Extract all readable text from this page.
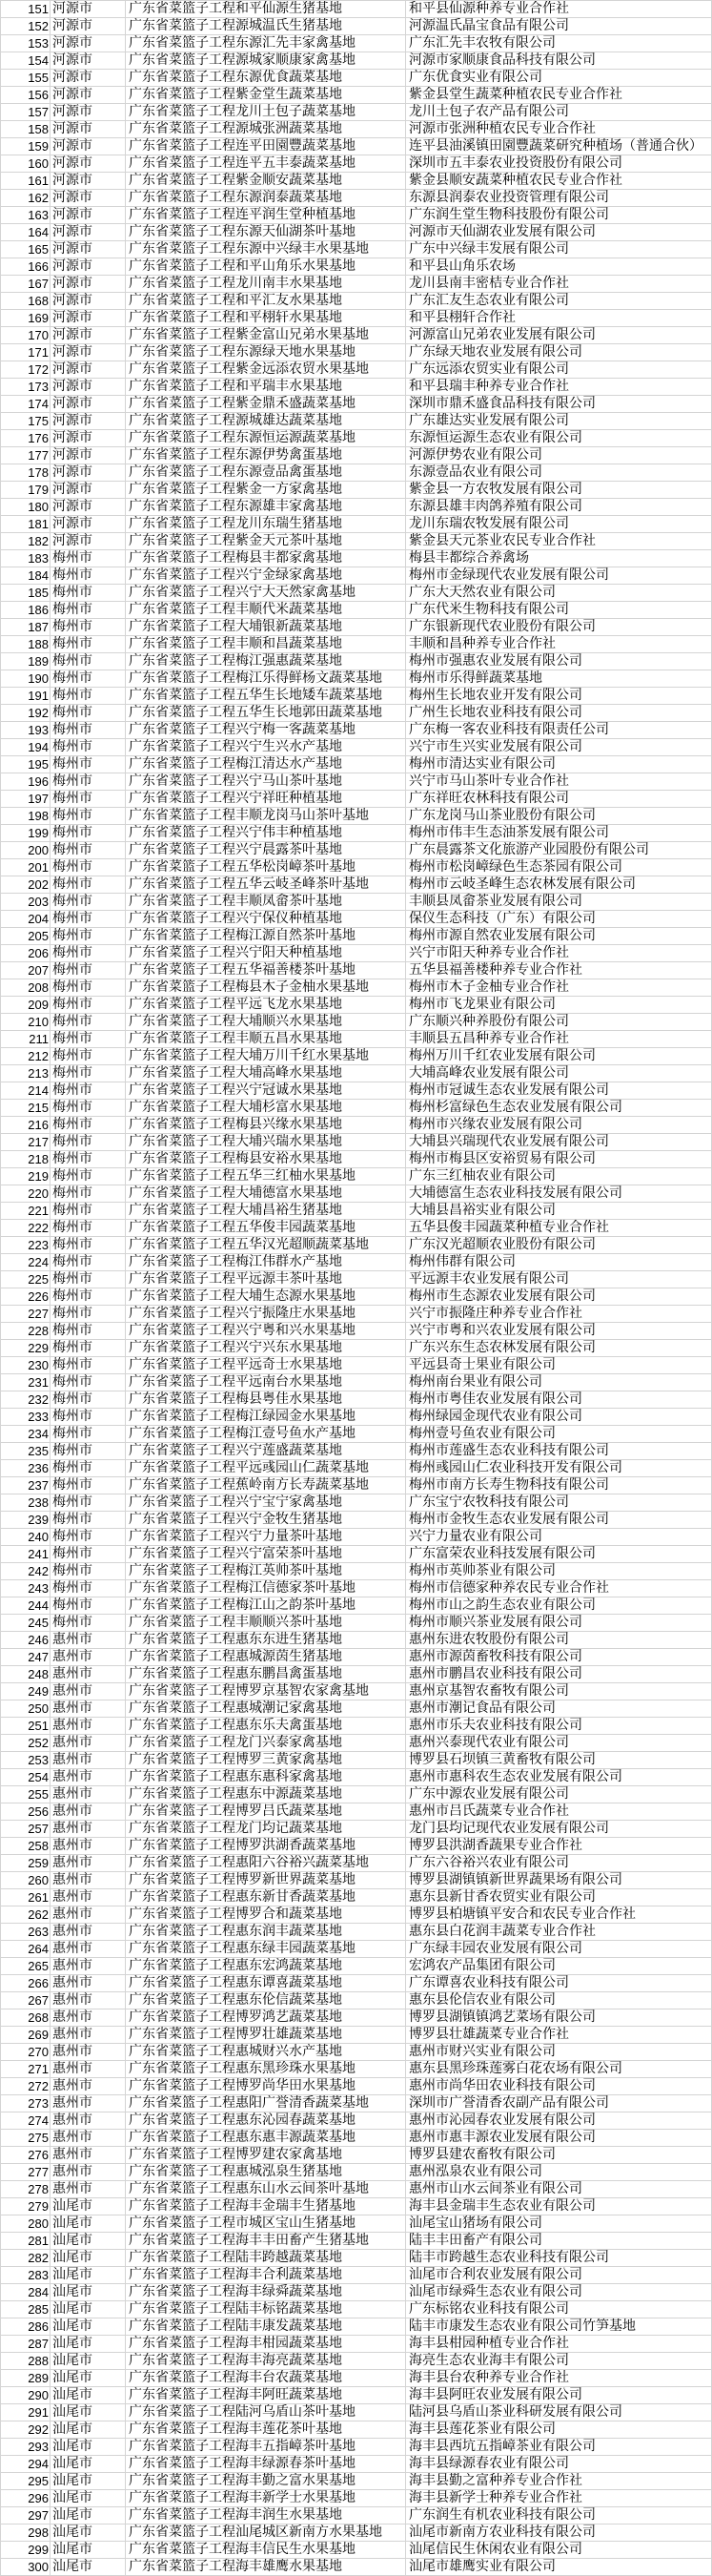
151	河源市	广东省菜篮子工程和平仙源生猪基地	和平县仙源种养专业合作社
152	河源市	广东省菜篮子工程源城温氏生猪基地	河源温氏晶宝食品有限公司
153	河源市	广东省菜篮子工程东源汇先丰家禽基地	广东汇先丰农牧有限公司
154	河源市	广东省菜篮子工程源城家顺康家禽基地	河源市家顺康食品科技有限公司
155	河源市	广东省菜篮子工程东源优食蔬菜基地	广东优食实业有限公司
156	河源市	广东省菜篮子工程紫金堂生蔬菜基地	紫金县堂生蔬菜种植农民专业合作社
157	河源市	广东省菜篮子工程龙川土包子蔬菜基地	龙川土包子农产品有限公司
158	河源市	广东省菜篮子工程源城张洲蔬菜基地	河源市张洲种植农民专业合作社
159	河源市	广东省菜篮子工程连平田園豐蔬菜基地	连平县油溪镇田園豐蔬菜研究种植场（普通合伙）
160	河源市	广东省菜篮子工程连平五丰泰蔬菜基地	深圳市五丰泰农业投资股份有限公司
161	河源市	广东省菜篮子工程紫金顺安蔬菜基地	紫金县顺安蔬菜种植农民专业合作社
162	河源市	广东省菜篮子工程东源润泰蔬菜基地	东源县润泰农业投资管理有限公司
163	河源市	广东省菜篮子工程连平润生堂种植基地	广东润生堂生物科技股份有限公司
164	河源市	广东省菜篮子工程东源天仙湖茶叶基地	河源市天仙湖农业发展有限公司
165	河源市	广东省菜篮子工程东源中兴绿丰水果基地	广东中兴绿丰发展有限公司
166	河源市	广东省菜篮子工程和平山角乐水果基地	和平县山角乐农场
167	河源市	广东省菜篮子工程龙川南丰水果基地	龙川县南丰密桔专业合作社
168	河源市	广东省菜篮子工程和平汇友水果基地	广东汇友生态农业有限公司
169	河源市	广东省菜篮子工程和平栩轩水果基地	和平县栩轩合作社
170	河源市	广东省菜篮子工程紫金富山兄弟水果基地	河源富山兄弟农业发展有限公司
171	河源市	广东省菜篮子工程东源绿天地水果基地	广东绿天地农业发展有限公司
172	河源市	广东省菜篮子工程紫金远添农贸水果基地	广东远添农贸实业有限公司
173	河源市	广东省菜篮子工程和平瑞丰水果基地	和平县瑞丰种养专业合作社
174	河源市	广东省菜篮子工程紫金鼎禾盛蔬菜基地	深圳市鼎禾盛食品科技有限公司
175	河源市	广东省菜篮子工程源城雄达蔬菜基地	广东雄达实业发展有限公司
176	河源市	广东省菜篮子工程东源恒运源蔬菜基地	东源恒运源生态农业有限公司
177	河源市	广东省菜篮子工程东源伊势禽蛋基地	河源伊势农业有限公司
178	河源市	广东省菜篮子工程东源壹品禽蛋基地	东源壹品农业有限公司
179	河源市	广东省菜篮子工程紫金一方家禽基地	紫金县一方农牧发展有限公司
180	河源市	广东省菜篮子工程东源雄丰家禽基地	东源县雄丰肉鸽养殖有限公司
181	河源市	广东省菜篮子工程龙川东瑞生猪基地	龙川东瑞农牧发展有限公司
182	河源市	广东省菜篮子工程紫金天元茶叶基地	紫金县天元茶业农民专业合作社
183	梅州市	广东省菜篮子工程梅县丰都家禽基地	梅县丰都综合养禽场
184	梅州市	广东省菜篮子工程兴宁金绿家禽基地	梅州市金绿现代农业发展有限公司
185	梅州市	广东省菜篮子工程兴宁大天然家禽基地	广东大天然农业有限公司
186	梅州市	广东省菜篮子工程丰顺代米蔬菜基地	广东代米生物科技有限公司
187	梅州市	广东省菜篮子工程大埔银新蔬菜基地	广东银新现代农业股份有限公司
188	梅州市	广东省菜篮子工程丰顺和昌蔬菜基地	丰顺和昌种养专业合作社
189	梅州市	广东省菜篮子工程梅江强惠蔬菜基地	梅州市强惠农业发展有限公司
190	梅州市	广东省菜篮子工程梅江乐得鲜杨文蔬菜基地	梅州市乐得鲜蔬菜基地
191	梅州市	广东省菜篮子工程五华生长地矮车蔬菜基地	梅州生长地农业开发有限公司
192	梅州市	广东省菜篮子工程五华生长地郭田蔬菜基地	广州生长地农业科技有限公司
193	梅州市	广东省菜篮子工程兴宁梅一客蔬菜基地	广东梅一客农业科技有限责任公司
194	梅州市	广东省菜篮子工程兴宁生兴水产基地	兴宁市生兴实业发展有限公司
195	梅州市	广东省菜篮子工程梅江清达水产基地	梅州市清达实业有限公司
196	梅州市	广东省菜篮子工程兴宁马山茶叶基地	兴宁市马山茶叶专业合作社
197	梅州市	广东省菜篮子工程兴宁祥旺种植基地	广东祥旺农林科技有限公司
198	梅州市	广东省菜篮子工程丰顺龙岗马山茶叶基地	广东龙岗马山茶业股份有限公司
199	梅州市	广东省菜篮子工程兴宁伟丰种植基地	梅州市伟丰生态油茶发展有限公司
200	梅州市	广东省菜篮子工程兴宁晨露茶叶基地	广东晨露茶文化旅游产业园股份有限公司
201	梅州市	广东省菜篮子工程五华松岗嶂茶叶基地	梅州市松岗嶂绿色生态茶园有限公司
202	梅州市	广东省菜篮子工程五华云岐圣峰茶叶基地	梅州市云岐圣峰生态农林发展有限公司
203	梅州市	广东省菜篮子工程丰顺凤畲茶叶基地	丰顺县凤畲茶业发展有限公司
204	梅州市	广东省菜篮子工程兴宁保仪种植基地	保仪生态科技（广东）有限公司
205	梅州市	广东省菜篮子工程梅江源自然茶叶基地	梅州市源自然农业发展有限公司
206	梅州市	广东省菜篮子工程兴宁阳天种植基地	兴宁市阳天种养专业合作社
207	梅州市	广东省菜篮子工程五华福善楼茶叶基地	五华县福善楼种养专业合作社
208	梅州市	广东省菜篮子工程梅县木子金柚水果基地	梅州市木子金柚专业合作社
209	梅州市	广东省菜篮子工程平远飞龙水果基地	梅州市飞龙果业有限公司
210	梅州市	广东省菜篮子工程大埔顺兴水果基地	广东顺兴种养股份有限公司
211	梅州市	广东省菜篮子工程丰顺五昌水果基地	丰顺县五昌种养专业合作社
212	梅州市	广东省菜篮子工程大埔万川千红水果基地	梅州万川千红农业发展有限公司
213	梅州市	广东省菜篮子工程大埔高峰水果基地	大埔高峰农业发展有限公司
214	梅州市	广东省菜篮子工程兴宁冠诚水果基地	梅州市冠诚生态农业发展有限公司
215	梅州市	广东省菜篮子工程大埔杉富水果基地	梅州杉富绿色生态农业发展有限公司
216	梅州市	广东省菜篮子工程梅县兴缘水果基地	梅州市兴缘农业发展有限公司
217	梅州市	广东省菜篮子工程大埔兴瑞水果基地	大埔县兴瑞现代农业发展有限公司
218	梅州市	广东省菜篮子工程梅县安裕水果基地	梅州市梅县区安裕贸易有限公司
219	梅州市	广东省菜篮子工程五华三红柚水果基地	广东三红柚农业有限公司
220	梅州市	广东省菜篮子工程大埔德富水果基地	大埔德富生态农业科技发展有限公司
221	梅州市	广东省菜篮子工程大埔昌裕生猪基地	大埔县昌裕实业有限公司
222	梅州市	广东省菜篮子工程五华俊丰园蔬菜基地	五华县俊丰园蔬菜种植专业合作社
223	梅州市	广东省菜篮子工程五华汉光超顺蔬菜基地	广东汉光超顺农业股份有限公司
224	梅州市	广东省菜篮子工程梅江伟群水产基地	梅州伟群有限公司
225	梅州市	广东省菜篮子工程平远源丰茶叶基地	平远源丰农业发展有限公司
226	梅州市	广东省菜篮子工程大埔生态源水果基地	梅州市生态源农业发展有限公司
227	梅州市	广东省菜篮子工程兴宁振隆庄水果基地	兴宁市振隆庄种养专业合作社
228	梅州市	广东省菜篮子工程兴宁粤和兴水果基地	兴宁市粤和兴农业发展有限公司
229	梅州市	广东省菜篮子工程兴宁兴东水果基地	广东兴东生态农林发展有限公司
230	梅州市	广东省菜篮子工程平远奇士水果基地	平远县奇士果业有限公司
231	梅州市	广东省菜篮子工程平远南台水果基地	梅州南台果业有限公司
232	梅州市	广东省菜篮子工程梅县粤佳水果基地	梅州市粤佳农业发展有限公司
233	梅州市	广东省菜篮子工程梅江绿园金水果基地	梅州绿园金现代农业有限公司
234	梅州市	广东省菜篮子工程梅江壹号鱼水产基地	梅州壹号鱼农业有限公司
235	梅州市	广东省菜篮子工程兴宁莲盛蔬菜基地	梅州市莲盛生态农业科技有限公司
236	梅州市	广东省菜篮子工程平远彧园山仁蔬菜基地	梅州彧园山仁农业科技开发有限公司
237	梅州市	广东省菜篮子工程蕉岭南方长寿蔬菜基地	梅州市南方长寿生物科技有限公司
238	梅州市	广东省菜篮子工程兴宁宝宁家禽基地	广东宝宁农牧科技有限公司
239	梅州市	广东省菜篮子工程兴宁金牧生猪基地	梅州市金牧生态农业发展有限公司
240	梅州市	广东省菜篮子工程兴宁力量茶叶基地	兴宁力量农业有限公司
241	梅州市	广东省菜篮子工程兴宁富荣茶叶基地	广东富荣农业科技发展有限公司
242	梅州市	广东省菜篮子工程梅江英帅茶叶基地	梅州市英帅茶业有限公司
243	梅州市	广东省菜篮子工程梅江信德家茶叶基地	梅州市信德家种养农民专业合作社
244	梅州市	广东省菜篮子工程梅江山之韵茶叶基地	梅州市山之韵生态农业有限公司
245	梅州市	广东省菜篮子工程丰顺顺兴茶叶基地	梅州市顺兴茶业发展有限公司
246	惠州市	广东省菜篮子工程惠东东进生猪基地	惠州东进农牧股份有限公司
247	惠州市	广东省菜篮子工程惠城源茵生猪基地	惠州市源茵畜牧科技有限公司
248	惠州市	广东省菜篮子工程惠东鹏昌禽蛋基地	惠州市鹏昌农业科技有限公司
249	惠州市	广东省菜篮子工程博罗京基智农家禽基地	惠州京基智农畜牧有限公司
250	惠州市	广东省菜篮子工程惠城潮记家禽基地	惠州市潮记食品有限公司
251	惠州市	广东省菜篮子工程惠东乐夫禽蛋基地	惠州市乐夫农业科技有限公司
252	惠州市	广东省菜篮子工程龙门兴泰家禽基地	惠州兴泰现代农业有限公司
253	惠州市	广东省菜篮子工程博罗三黄家禽基地	博罗县石坝镇三黄畜牧有限公司
254	惠州市	广东省菜篮子工程惠东惠科家禽基地	惠州市惠科农生态农业发展有限公司
255	惠州市	广东省菜篮子工程惠东中源蔬菜基地	广东中源农业发展有限公司
256	惠州市	广东省菜篮子工程博罗吕氏蔬菜基地	惠州市吕氏蔬菜专业合作社
257	惠州市	广东省菜篮子工程龙门均记蔬菜基地	龙门县均记现代农业发展有限公司
258	惠州市	广东省菜篮子工程博罗洪湖香蔬菜基地	博罗县洪湖香蔬果专业合作社
259	惠州市	广东省菜篮子工程惠阳六谷裕兴蔬菜基地	广东六谷裕兴农业有限公司
260	惠州市	广东省菜篮子工程博罗新世界蔬菜基地	博罗县湖镇镇新世界蔬果场有限公司
261	惠州市	广东省菜篮子工程惠东新甘香蔬菜基地	惠东县新甘香农贸实业有限公司
262	惠州市	广东省菜篮子工程博罗合和蔬菜基地	博罗县柏塘镇平安合和农民专业合作社
263	惠州市	广东省菜篮子工程惠东润丰蔬菜基地	惠东县白花润丰蔬菜专业合作社
264	惠州市	广东省菜篮子工程惠东绿丰园蔬菜基地	广东绿丰园农业发展有限公司
265	惠州市	广东省菜篮子工程惠东宏鸿蔬菜基地	宏鸿农产品集团有限公司
266	惠州市	广东省菜篮子工程惠东谭喜蔬菜基地	广东谭喜农业科技有限公司
267	惠州市	广东省菜篮子工程惠东伦信蔬菜基地	惠东县伦信农业有限公司
268	惠州市	广东省菜篮子工程博罗鸿艺蔬菜基地	博罗县湖镇镇鸿艺菜场有限公司
269	惠州市	广东省菜篮子工程博罗壮雄蔬菜基地	博罗县壮雄蔬菜专业合作社
270	惠州市	广东省菜篮子工程惠城财兴水产基地	惠州市财兴实业有限公司
271	惠州市	广东省菜篮子工程惠东黑珍珠水果基地	惠东县黑珍珠莲雾白花农场有限公司
272	惠州市	广东省菜篮子工程博罗尚华田水果基地	惠州市尚华田农业科技有限公司
273	惠州市	广东省菜篮子工程惠阳广誉清香蔬菜基地	深圳市广誉清香农副产品有限公司
274	惠州市	广东省菜篮子工程惠东沁园春蔬菜基地	惠州市沁园春农业发展有限公司
275	惠州市	广东省菜篮子工程惠东惠丰源蔬菜基地	惠州市惠丰源农业发展有限公司
276	惠州市	广东省菜篮子工程博罗建农家禽基地	博罗县建农畜牧有限公司
277	惠州市	广东省菜篮子工程惠城泓泉生猪基地	惠州泓泉农业有限公司
278	惠州市	广东省菜篮子工程惠东山水云间茶叶基地	惠州市山水云间茶业有限公司
279	汕尾市	广东省菜篮子工程海丰金瑞丰生猪基地	海丰县金瑞丰生态农业有限公司
280	汕尾市	广东省菜篮子工程市城区宝山生猪基地	汕尾宝山猪场有限公司
281	汕尾市	广东省菜篮子工程海丰丰田畜产生猪基地	陆丰丰田畜产有限公司
282	汕尾市	广东省菜篮子工程陆丰跨越蔬菜基地	陆丰市跨越生态农业科技有限公司
283	汕尾市	广东省菜篮子工程海丰合利蔬菜基地	汕尾市合利农业发展有限公司
284	汕尾市	广东省菜篮子工程海丰绿舜蔬菜基地	汕尾市绿舜生态农业有限公司
285	汕尾市	广东省菜篮子工程陆丰标铭蔬菜基地	广东标铭农业科技有限公司
286	汕尾市	广东省菜篮子工程陆丰康发蔬菜基地	陆丰市康发生态农业有限公司竹笋基地
287	汕尾市	广东省菜篮子工程海丰柑园蔬菜基地	海丰县柑园种植专业合作社
288	汕尾市	广东省菜篮子工程海丰海亮蔬菜基地	海亮生态农业海丰有限公司
289	汕尾市	广东省菜篮子工程海丰台农蔬菜基地	海丰县台农种养专业合作社
290	汕尾市	广东省菜篮子工程海丰阿旺蔬菜基地	海丰县阿旺农业发展有限公司
291	汕尾市	广东省菜篮子工程陆河乌盾山茶叶基地	陆河县乌盾山茶业科研发展有限公司
292	汕尾市	广东省菜篮子工程海丰莲花茶叶基地	海丰县莲花茶业有限公司
293	汕尾市	广东省菜篮子工程海丰五指嶂茶叶基地	海丰县西坑五指嶂茶业有限公司
294	汕尾市	广东省菜篮子工程海丰绿源春茶叶基地	海丰县绿源春农业有限公司
295	汕尾市	广东省菜篮子工程海丰勤之富水果基地	海丰县勤之富种养专业合作社
296	汕尾市	广东省菜篮子工程海丰新学士水果基地	海丰县新学士种养专业合作社
297	汕尾市	广东省菜篮子工程海丰润生水果基地	广东润生有机农业科技有限公司
298	汕尾市	广东省菜篮子工程汕尾城区新南方水果基地	汕尾市新南方农业科技有限公司
299	汕尾市	广东省菜篮子工程海丰信民生水果基地	汕尾信民生休闲农业有限公司
300	汕尾市	广东省菜篮子工程海丰雄鹰水果基地	汕尾市雄鹰实业有限公司
